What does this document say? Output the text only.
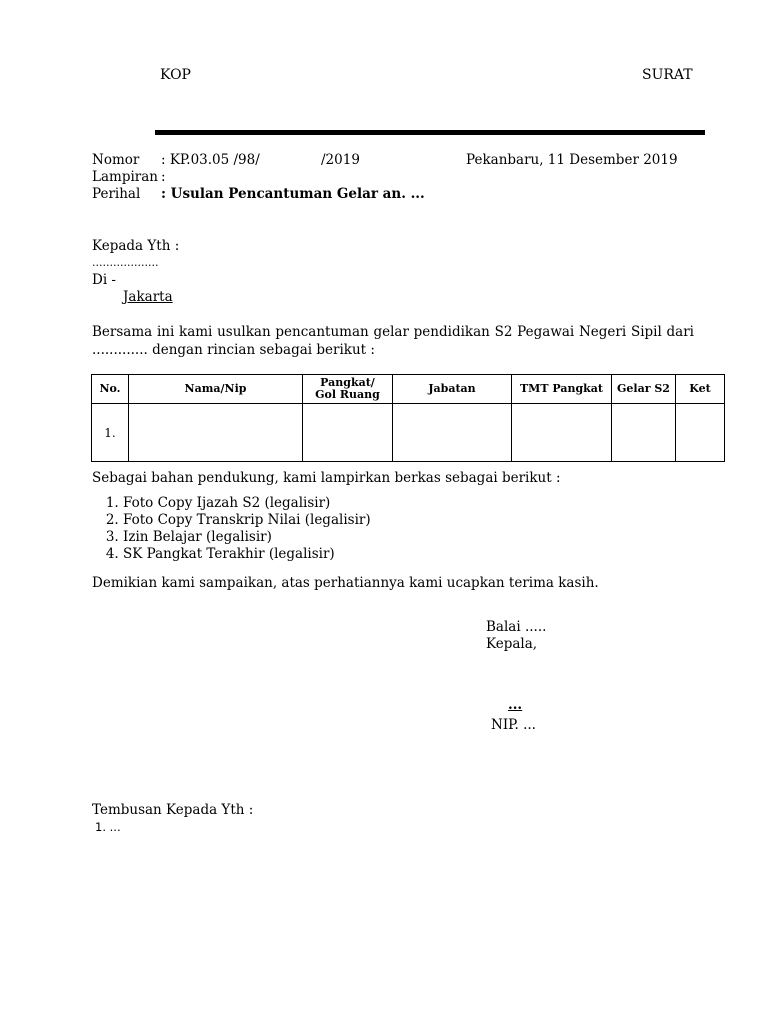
KOP	SURAT
Nomor : KP.03.05 /98/	/2019	Pekanbaru, 11 Desember 2019
Lampiran :
Perihal : Usulan Pencantuman Gelar an. ...
Kepada Yth :
...................
Di -
Jakarta
Bersama ini kami usulkan pencantuman gelar pendidikan S2 Pegawai Negeri Sipil dari ............. dengan rincian sebagai berikut :
No.	Nama/Nip	Pangkat/
Gol Ruang	Jabatan	TMT Pangkat	Gelar S2	Ket
1.						
Sebagai bahan pendukung, kami lampirkan berkas sebagai berikut :
1. Foto Copy Ijazah S2 (legalisir)
2. Foto Copy Transkrip Nilai (legalisir)
3. Izin Belajar (legalisir)
4. SK Pangkat Terakhir (legalisir)
Demikian kami sampaikan, atas perhatiannya kami ucapkan terima kasih.
Balai .....
Kepala,
...
NIP. ...
Tembusan Kepada Yth :
1. ...
